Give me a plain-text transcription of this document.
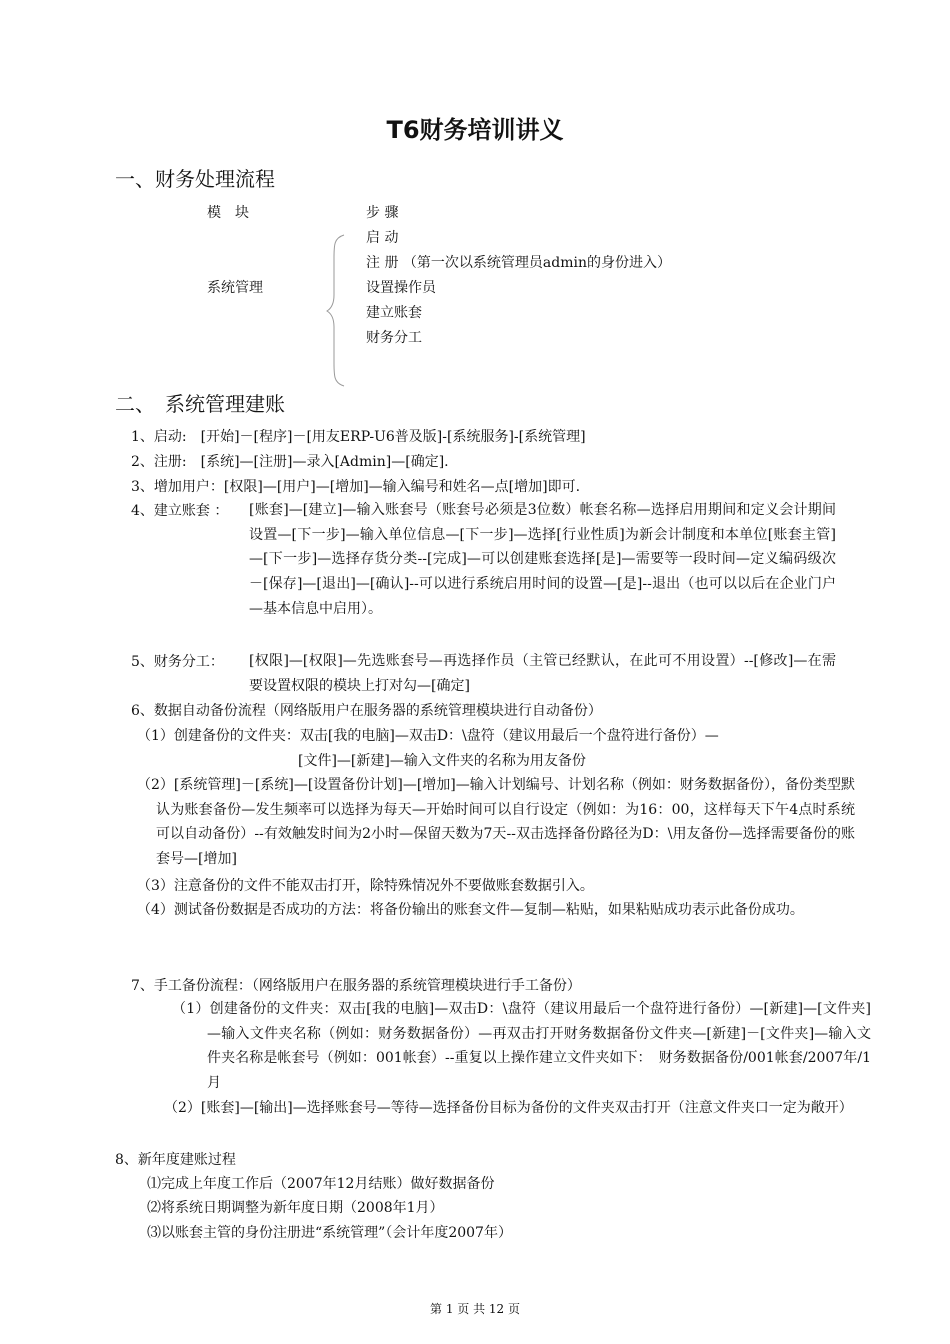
T6财务培训讲义
一、财务处理流程
模　块	步 骤
系统管理
启 动
注 册 （第一次以系统管理员admin的身份进入）
设置操作员
建立账套
财务分工
二、　系统管理建账
1、启动:　[开始]－[程序]－[用友ERP-U6普及版]-[系统服务]-[系统管理]
2、注册:　[系统]—[注册]—录入[Admin]—[确定].
3、增加用户：[权限]—[用户]—[增加]—输入编号和姓名—点[增加]即可.
4、建立账套 ： [账套]—[建立]—输入账套号（账套号必须是3位数）帐套名称—选择启用期间和定义会计期间设置—[下一步]—输入单位信息—[下一步]—选择[行业性质]为新会计制度和本单位[账套主管]—[下一步]—选择存货分类--[完成]—可以创建账套选择[是]—需要等一段时间—定义编码级次－[保存]—[退出]—[确认]--可以进行系统启用时间的设置—[是]--退出（也可以以后在企业门户—基本信息中启用）。
5、财务分工： [权限]—[权限]—先选账套号—再选择作员（主管已经默认，在此可不用设置）--[修改]—在需要设置权限的模块上打对勾—[确定]
6、数据自动备份流程（网络版用户在服务器的系统管理模块进行自动备份）
（1）创建备份的文件夹：双击[我的电脑]—双击D：\盘符（建议用最后一个盘符进行备份）—
[文件]—[新建]—输入文件夹的名称为用友备份
（2）[系统管理]－[系统]—[设置备份计划]—[增加]—输入计划编号、计划名称（例如：财务数据备份），备份类型默认为账套备份—发生频率可以选择为每天—开始时间可以自行设定（例如：为16：00，这样每天下午4点时系统可以自动备份）--有效触发时间为2小时—保留天数为7天--双击选择备份路径为D：\用友备份—选择需要备份的账套号—[增加]
（3）注意备份的文件不能双击打开，除特殊情况外不要做账套数据引入。
（4）测试备份数据是否成功的方法：将备份输出的账套文件—复制—粘贴，如果粘贴成功表示此备份成功。
7、手工备份流程：（网络版用户在服务器的系统管理模块进行手工备份）
（1）创建备份的文件夹：双击[我的电脑]—双击D：\盘符（建议用最后一个盘符进行备份）—[新建]—[文件夹]—输入文件夹名称（例如：财务数据备份）—再双击打开财务数据备份文件夹—[新建]－[文件夹]—输入文件夹名称是帐套号（例如：001帐套）--重复以上操作建立文件夹如下：　财务数据备份/001帐套/2007年/1月
（2）[账套]—[输出]—选择账套号—等待—选择备份目标为备份的文件夹双击打开（注意文件夹口一定为敞开）
8、新年度建账过程
⑴完成上年度工作后（2007年12月结账）做好数据备份
⑵将系统日期调整为新年度日期（2008年1月）
⑶以账套主管的身份注册进“系统管理”（会计年度2007年）
第 1 页 共 12 页
